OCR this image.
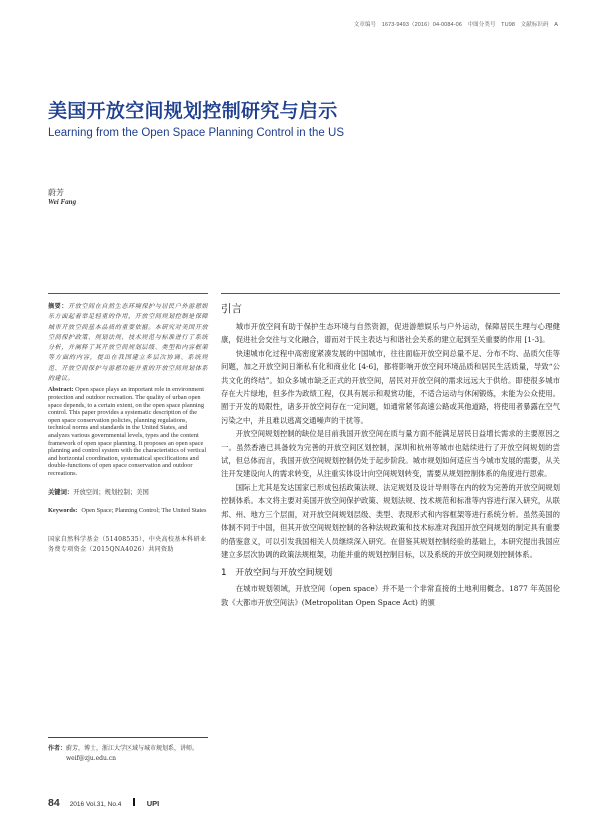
文章编号　1673-9493（2016）04-0084-06　中图分类号　TU98　文献标识码　A
美国开放空间规划控制研究与启示
Learning from the Open Space Planning Control in the US
蔚芳
Wei Fang
摘要：开放空间在自然生态环境保护与居民户外游憩娱乐方面起着举足轻重的作用，开放空间规划控制是保障城市开放空间基本品质的重要依据。本研究对美国开放空间保护政策、规划法规、技术规范与标准进行了系统分析，并阐释了其开放空间规划层级、类型和内容框架等方面的内容，提出在我国建立多层次协调、系统规范、开放空间保护与游憩功能并重的开放空间规划体系的建议。
Abstract: Open space plays an important role in environment protection and outdoor recreation. The quality of urban open space depends, to a certain extent, on the open space planning control. This paper provides a systematic description of the open space conservation policies, planning regulations, technical norms and standards in the United States, and analyzes various governmental levels, types and the content framework of open space planning. It proposes an open space planning and control system with the characteristics of vertical and horizontal coordination, systematical specifications and double-functions of open space conservation and outdoor recreations.
关键词：开放空间；规划控制；美国
Keywords: Open Space; Planning Control; The United States
国家自然科学基金（51408535），中央高校基本科研业务费专项资金（2015QNA4026）共同资助
作者： 蔚芳，博士，浙江大学区域与城市规划系，讲师。weif@zju.edu.cn
引言

城市开放空间有助于保护生态环境与自然资源，促进游憩娱乐与户外运动，保障居民生理与心理健康，促进社会交往与文化融合，谱而对于民主表达与和谐社会关系的建立起到至关重要的作用 [1-3]。

快速城市化过程中高密度紧凑发展的中国城市，往往面临开放空间总量不足、分布不均、品质欠佳等问题，加之开放空间日渐私有化和商业化 [4-6]，都将影响开放空间环境品质和居民生活质量，导致“公共文化的终结”。如众多城市缺乏正式的开放空间，居民对开放空间的需求远远大于供给。即使很多城市存在大片绿地，但多作为政绩工程，仅具有展示和观赏功能，不适合运动与休闲锻炼，未能为公众使用。囿于开发的局限性，诸多开放空间存在一定问题，如通常紧邻高速公路或其他道路，将使用者暴露在空气污染之中，并且难以逃离交通噪声的干扰等。

开放空间规划控制的缺位是目前我国开放空间在质与量方面不能满足居民日益增长需求的主要原因之一。虽然香港已具备较为完善的开放空间区划控制，深圳和杭州等城市也陆续进行了开放空间规划的尝试，但总体而言，我国开放空间规划控制仍处于起步阶段。城市规划如何适应当今城市发展的需要，从关注开发建设向人的需求转变，从注重实体设计向空间规划转变，需要从规划控制体系的角度进行思索。

国际上尤其是发达国家已形成包括政策法规、法定规划及设计导则等在内的较为完善的开放空间规划控制体系。本文将主要对美国开放空间保护政策、规划法规、技术规范和标准等内容进行深入研究，从联邦、州、地方三个层面，对开放空间规划层级、类型、表现形式和内容框架等进行系统分析。虽然美国的体制不同于中国，但其开放空间规划控制的各种法规政策和技术标准对我国开放空间规划的制定具有重要的借鉴意义，可以引发我国相关人员继续深入研究。在借鉴其规划控制经验的基础上，本研究提出我国应建立多层次协调的政策法规框架，功能并重的规划控制目标，以及系统的开放空间规划控制体系。

1　开放空间与开放空间规划

在城市规划领域，开放空间（open space）并不是一个非常直接的土地利用概念。1877 年英国伦敦《大都市开放空间法》(Metropolitan Open Space Act) 的颁

84 2016 Vol.31, No.4	UPI
